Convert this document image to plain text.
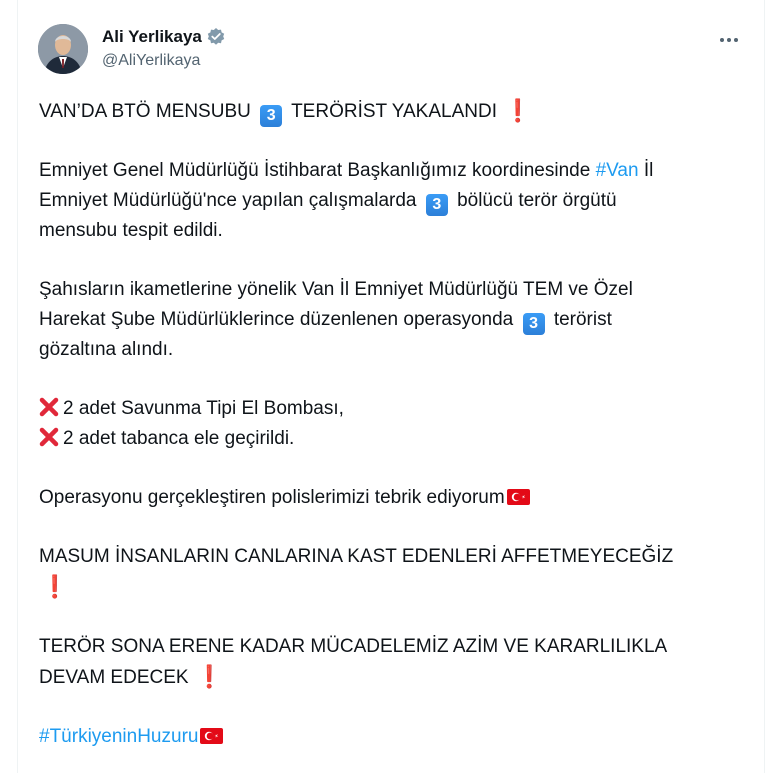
Ali Yerlikaya
@AliYerlikaya

VAN’DA BTÖ MENSUBU 3 TERÖRİST YAKALANDI ❗

Emniyet Genel Müdürlüğü İstihbarat Başkanlığımız koordinesinde #Van İl
Emniyet Müdürlüğü'nce yapılan çalışmalarda 3 bölücü terör örgütü
mensubu tespit edildi.

Şahısların ikametlerine yönelik Van İl Emniyet Müdürlüğü TEM ve Özel
Harekat Şube Müdürlüklerince düzenlenen operasyonda 3 terörist
gözaltına alındı.

2 adet Savunma Tipi El Bombası,
2 adet tabanca ele geçirildi.

Operasyonu gerçekleştiren polislerimizi tebrik ediyorum

MASUM İNSANLARIN CANLARINA KAST EDENLERİ AFFETMEYECEĞİZ
❗

TERÖR SONA ERENE KADAR MÜCADELEMİZ AZİM VE KARARLILIKLA
DEVAM EDECEK ❗

#TürkiyeninHuzuru
